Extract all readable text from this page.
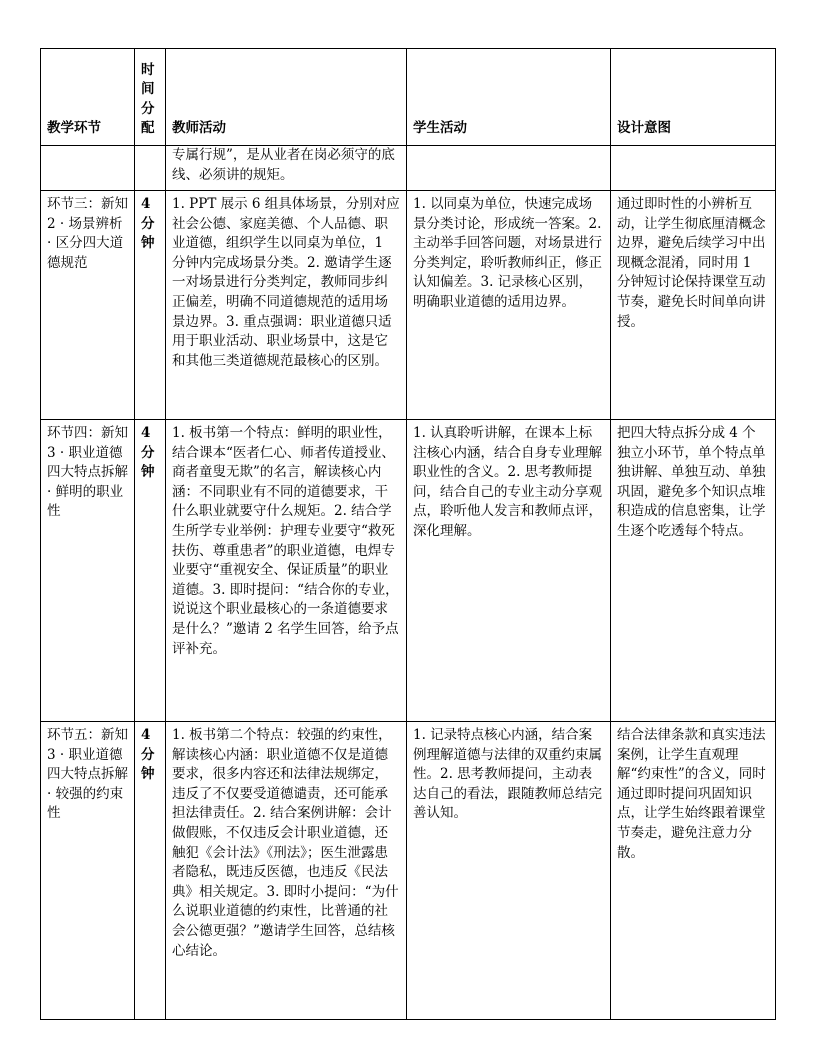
教学环节	时间分配	教师活动	学生活动	设计意图
		专属行规”，是从业者在岗必须守的底线、必须讲的规矩。		
环节三：新知 2 · 场景辨析 · 区分四大道德规范	4 分钟	1. PPT 展示 6 组具体场景，分别对应社会公德、家庭美德、个人品德、职业道德，组织学生以同桌为单位，1 分钟内完成场景分类。2. 邀请学生逐一对场景进行分类判定，教师同步纠正偏差，明确不同道德规范的适用场景边界。3. 重点强调：职业道德只适用于职业活动、职业场景中，这是它和其他三类道德规范最核心的区别。	1. 以同桌为单位，快速完成场景分类讨论，形成统一答案。2. 主动举手回答问题，对场景进行分类判定，聆听教师纠正，修正认知偏差。3. 记录核心区别，明确职业道德的适用边界。	通过即时性的小辨析互动，让学生彻底厘清概念边界，避免后续学习中出现概念混淆，同时用 1 分钟短讨论保持课堂互动节奏，避免长时间单向讲授。
环节四：新知 3 · 职业道德四大特点拆解 · 鲜明的职业性	4 分钟	1. 板书第一个特点：鲜明的职业性，结合课本“医者仁心、师者传道授业、商者童叟无欺”的名言，解读核心内涵：不同职业有不同的道德要求，干什么职业就要守什么规矩。2. 结合学生所学专业举例：护理专业要守“救死扶伤、尊重患者”的职业道德，电焊专业要守“重视安全、保证质量”的职业道德。3. 即时提问：“结合你的专业，说说这个职业最核心的一条道德要求是什么？”邀请 2 名学生回答，给予点评补充。	1. 认真聆听讲解，在课本上标注核心内涵，结合自身专业理解职业性的含义。2. 思考教师提问，结合自己的专业主动分享观点，聆听他人发言和教师点评，深化理解。	把四大特点拆分成 4 个独立小环节，单个特点单独讲解、单独互动、单独巩固，避免多个知识点堆积造成的信息密集，让学生逐个吃透每个特点。
环节五：新知 3 · 职业道德四大特点拆解 · 较强的约束性	4 分钟	1. 板书第二个特点：较强的约束性，解读核心内涵：职业道德不仅是道德要求，很多内容还和法律法规绑定，违反了不仅要受道德谴责，还可能承担法律责任。2. 结合案例讲解：会计做假账，不仅违反会计职业道德，还触犯《会计法》《刑法》；医生泄露患者隐私，既违反医德，也违反《民法典》相关规定。3. 即时小提问：“为什么说职业道德的约束性，比普通的社会公德更强？”邀请学生回答，总结核心结论。	1. 记录特点核心内涵，结合案例理解道德与法律的双重约束属性。2. 思考教师提问，主动表达自己的看法，跟随教师总结完善认知。	结合法律条款和真实违法案例，让学生直观理解“约束性”的含义，同时通过即时提问巩固知识点，让学生始终跟着课堂节奏走，避免注意力分散。
